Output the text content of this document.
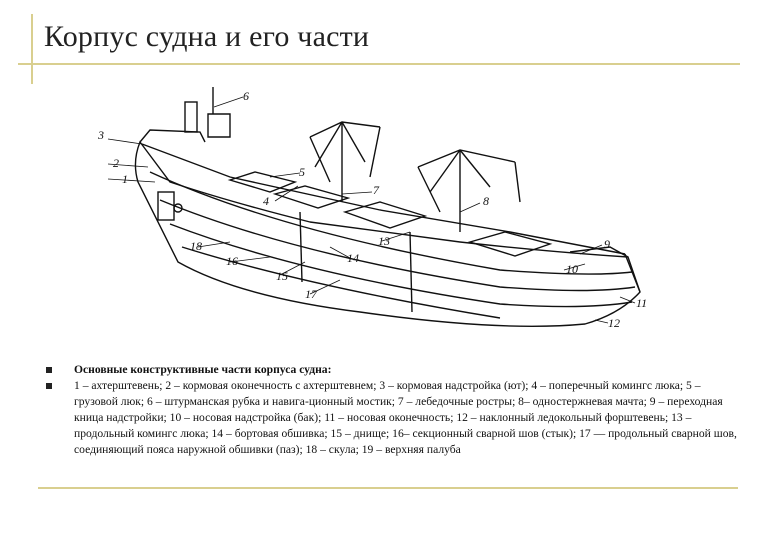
Корпус судна и его части
1
2
3
4
5
6
7
8
9
10
11
12
13
14
15
16
17
18
Основные конструктивные части корпуса судна:
1 – ахтерштевень; 2 – кормовая оконечность с ахтерштевнем; 3 – кормовая надстройка (ют); 4 – поперечный комингс люка; 5 – грузовой люк; 6 – штурманская рубка и навига-ционный мостик; 7 – лебедочные ростры; 8– одностержневая мачта; 9 – переходная кница надстройки; 10 – носовая надстройка (бак); 11 – носовая оконечность; 12 – наклонный ледокольный форштевень; 13 – продольный комингс люка; 14 – бортовая обшивка; 15 – днище; 16– секционный сварной шов (стык); 17 — продольный сварной шов, соединяющий пояса наружной обшивки (паз); 18 – скула; 19 – верхняя палуба
